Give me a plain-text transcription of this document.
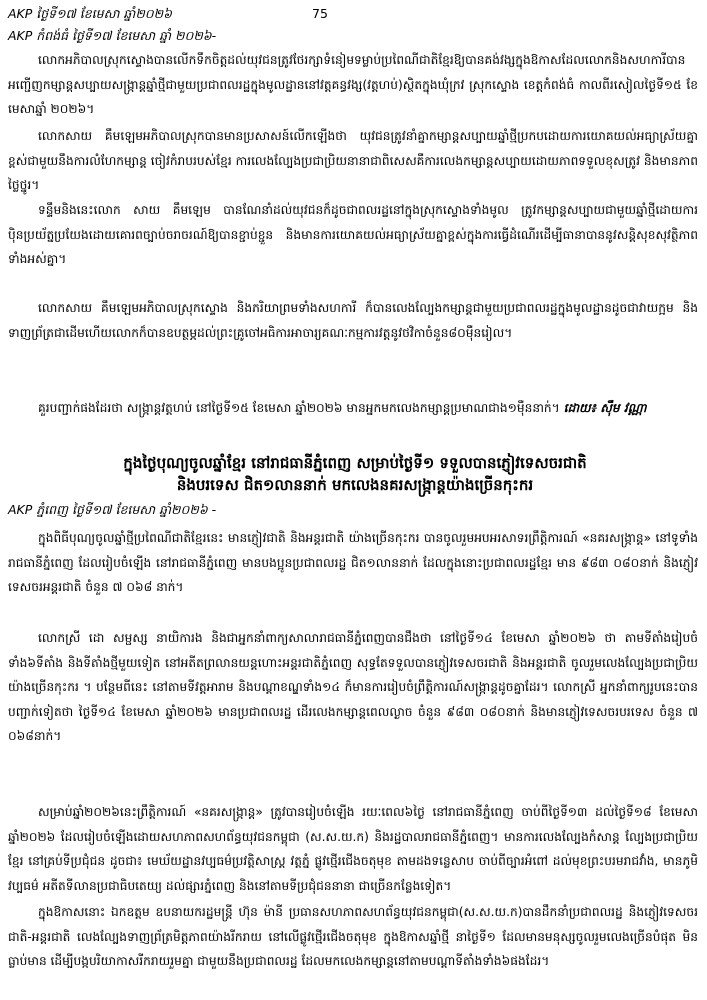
AKP ថ្ងៃទី១៧ ខែមេសា ឆ្នាំ២០២៦	75
AKP កំពង់ធំ ថ្ងៃទី១៧ ខែមេសា ឆ្នាំ ២០២៦-

លោកអភិបាលស្រុកស្ទោងបានលើកទឹកចិត្តដល់យុវជនត្រូវថែរក្សាទំនៀមទម្លាប់ប្រពៃណីជាតិខ្មែរឱ្យបានគង់វង្សក្នុងឱកាសដែលលោកនិងសហការីបានអញ្ជើញកម្សាន្តសប្បាយសង្ក្រាន្តឆ្នាំថ្មីជាមួយប្រជាពលរដ្ឋក្នុងមូលដ្ឋាននៅវត្តគន្ធវង្ស(វត្តហប់)ស្ថិតក្នុងឃុំក្រវ ស្រុកស្ទោង ខេត្តកំពង់ធំ កាលពីរសៀលថ្ងៃទី១៥ ខែមេសាឆ្នាំ ២០២៦។

លោកសាយ គឹមឡេមអភិបាលស្រុកបានមានប្រសាសន៍លើកឡើងថា យុវជនត្រូវនាំគ្នាកម្សាន្តសប្បាយឆ្នាំថ្មីប្រកបដោយការយោគយល់អធ្យាស្រ័យគ្នាខ្ពស់ជាមួយនឹងការលំហែកម្សាន្ត ចៀវកំរាបរបស់ខ្មែរ ការលេងល្បែងប្រជាប្រិយនានាជាពិសេសគឺការលេងកម្សាន្តសប្បាយដោយភាពទទួលខុសត្រូវ និងមានភាពថ្លៃថ្នូរ។

ទន្ទឹមនិងនេះលោក សាយ គឹមឡេម បានណែនាំដល់យុវជនក៏ដូចជាពលរដ្ឋនៅក្នុងស្រុកស្ទោងទាំងមូល ត្រូវកម្សាន្តសប្បាយជាមួយឆ្នាំថ្មីដោយការប៉ិនប្រយ័ត្នប្រយែងដោយគោរពច្បាប់ចរាចរណ៍ឱ្យបានខ្ជាប់ខ្ជួន និងមានការយោគយល់អធ្យាស្រ័យគ្នាខ្ពស់ក្នុងការធ្វើដំណើរដើម្បីធានាបាននូវសន្តិសុខសុវត្ថិភាពទាំងអស់គ្នា។

លោកសាយ គឹមឡេមអភិបាលស្រុកស្ទោង និងភរិយាព្រមទាំងសហការី ក៏បានលេងល្បែងកម្សាន្តជាមួយប្រជាពលរដ្ឋក្នុងមូលដ្ឋានដូចជាវាយក្អម និងទាញព្រ័ត្រជាដើមហើយលោកក៏បានឧបត្ថម្ភដល់ព្រះគ្រូចៅអធិការអាចារ្យគណៈកម្មការវត្តនូវថវិកាចំនួន៨០ម៉ឺនរៀល។

គួរបញ្ជាក់ផងដែរថា សង្ក្រាន្តវត្តហប់ នៅថ្ងៃទី១៥ ខែមេសា ឆ្នាំ២០២៦ មានអ្នកមកលេងកម្សាន្តប្រមាណជាង១ម៉ឺននាក់។ ដោយ៖ ស៊ឹម វណ្ណា
ក្នុងថ្ងៃបុណ្យចូលឆ្នាំខ្មែរ នៅរាជធានីភ្នំពេញ សម្រាប់ថ្ងៃទី១ ទទួលបានភ្ញៀវទេសចរជាតិ
និងបរទេស ជិត១លាននាក់ មកលេងនគរសង្ក្រាន្តយ៉ាងច្រើនកុះករ
AKP ភ្នំពេញ ថ្ងៃទី១៧ ខែមេសា ឆ្នាំ២០២៦ -

ក្នុងពិធីបុណ្យចូលឆ្នាំថ្មីប្រពៃណីជាតិខ្មែរនេះ មានភ្ញៀវជាតិ និងអន្តរជាតិ យ៉ាងច្រើនកុះករ បានចូលរួមអបអរសាទរព្រឹត្តិការណ៍ «នគរសង្ក្រាន្ត» នៅទូទាំងរាជធានីភ្នំពេញ ដែលរៀបចំឡើង នៅរាជធានីភ្នំពេញ មានបងប្អូនប្រជាពលរដ្ឋ ជិត១លាននាក់ ដែលក្នុងនោះប្រជាពលរដ្ឋខ្មែរ មាន ៩៨៣ ០៨០នាក់ និងភ្ញៀវទេសចរអន្តរជាតិ ចំនួន ៧ ០៦៨ នាក់។

លោកស្រី ដោ សម្ផស្ស នាយិការង និងជាអ្នកនាំពាក្យសាលារាជធានីភ្នំពេញបានជឹងថា នៅថ្ងៃទី១៤ ខែមេសា ឆ្នាំ២០២៦ ថា តាមទីតាំងរៀបចំទាំង៦ទីតាំង និងទីតាំងថ្មីមួយទៀត នៅអតីតព្រលានយន្តហោះអន្តរជាតិភ្នំពេញ សុទ្ធតែទទួលបានភ្ញៀវទេសចរជាតិ និងអន្តរជាតិ ចូលរួមលេងល្បែងប្រជាប្រិយ យ៉ាងច្រើនកុះករ ។ បន្ថែមពីនេះ នៅតាមទីវត្តអារាម និងបណ្តាខណ្ឌទាំង១៤ ក៏មានការរៀបចំព្រឹត្តិការណ៍សង្ក្រាន្តដូចគ្នាដែរ។ លោកស្រី អ្នកនាំពាក្យរូបនេះបានបញ្ជាក់ទៀតថា ថ្ងៃទី១៤ ខែមេសា ឆ្នាំ២០២៦ មានប្រជាពលរដ្ឋ ដើរលេងកម្សាន្តពេលល្ងាច ចំនួន ៩៨៣ ០៨០នាក់ និងមានភ្ញៀវទេសចរបរទេស ចំនួន ៧ ០៦៨នាក់។

សម្រាប់ឆ្នាំ២០២៦នេះព្រឹត្តិការណ៍ «នគរសង្ក្រាន្ត» ត្រូវបានរៀបចំឡើង រយៈពេល៦ថ្ងៃ នៅរាជធានីភ្នំពេញ ចាប់ពីថ្ងៃទី១៣ ដល់ថ្ងៃទី១៨ ខែមេសា ឆ្នាំ២០២៦ ដែលរៀបចំឡើងដោយសហភាពសហព័ន្ធយុវជនកម្ពុជា (ស.ស.យ.ក) និងរដ្ឋបាលរាជធានីភ្នំពេញ។ មានការលេងល្បែងកំសាន្ត ល្បែងប្រជាប្រិយខ្មែរ នៅគ្រប់ទីប្រជុំជន ដូចជា៖ មេឃ័យដ្ឋានវប្បធម៌ប្រវត្តិសាស្ត្រ វត្តភ្នំ ផ្លូវថ្មើរជើងចតុមុខ តាមដងទន្លេសាប ចាប់ពីច្បារអំពៅ ដល់មុខព្រះបរមរាជវាំង, មានភូមិវប្បធម៌ អតីតទីលានប្រជាធិបតេយ្យ ដល់ផ្សារភ្នំពេញ និងនៅតាមទីប្រជុំជននានា ជាច្រើនកន្លែងទៀត។

ក្នុងឱកាសនោះ ឯកឧត្តម ឧបនាយករដ្ឋមន្ត្រី ហ៊ុន ម៉ានី ប្រធានសហភាពសហព័ន្ធយុវជនកម្ពុជា(ស.ស.យ.ក)បានដឹកនាំប្រជាពលរដ្ឋ និងភ្ញៀវទេសចរជាតិ-អន្តរជាតិ លេងល្បែងទាញព្រ័ត្រមិត្តភាពយ៉ាងរីករាយ នៅលើផ្លូវថ្មើរជើងចតុមុខ ក្នុងឱកាសឆ្នាំថ្មី នាថ្ងៃទី១ ដែលមានមនុស្សចូលរួមលេងច្រើនបំផុត មិនធ្លាប់មាន ដើម្បីបង្កបរិយាកាសរីករាយរួមគ្នា ជាមួយនឹងប្រជាពលរដ្ឋ ដែលមកលេងកម្សាន្តនៅតាមបណ្តាទីតាំងទាំង៦ផងដែរ។
